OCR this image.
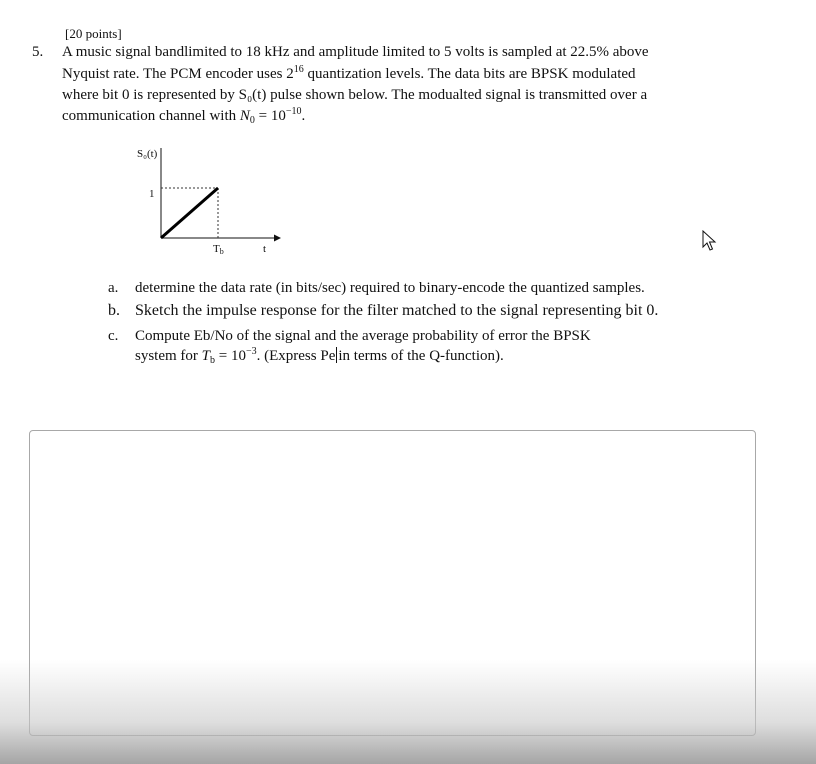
[20 points]
5. A music signal bandlimited to 18 kHz and amplitude limited to 5 volts is sampled at 22.5% above
Nyquist rate. The PCM encoder uses $2^{16}$ quantization levels. The data bits are BPSK modulated
where bit 0 is represented by S₀(t) pulse shown below. The modualted signal is transmitted over a
communication channel with $N_0 = 10^{-10}$.
S₀(t)
1
Tb	t
a. determine the data rate (in bits/sec) required to binary-encode the quantized samples.
b. Sketch the impulse response for the filter matched to the signal representing bit 0.
c. Compute Eb/No of the signal and the average probability of error the BPSK
system for $T_b = 10^{-3}$. (Express Pe in terms of the Q-function).
